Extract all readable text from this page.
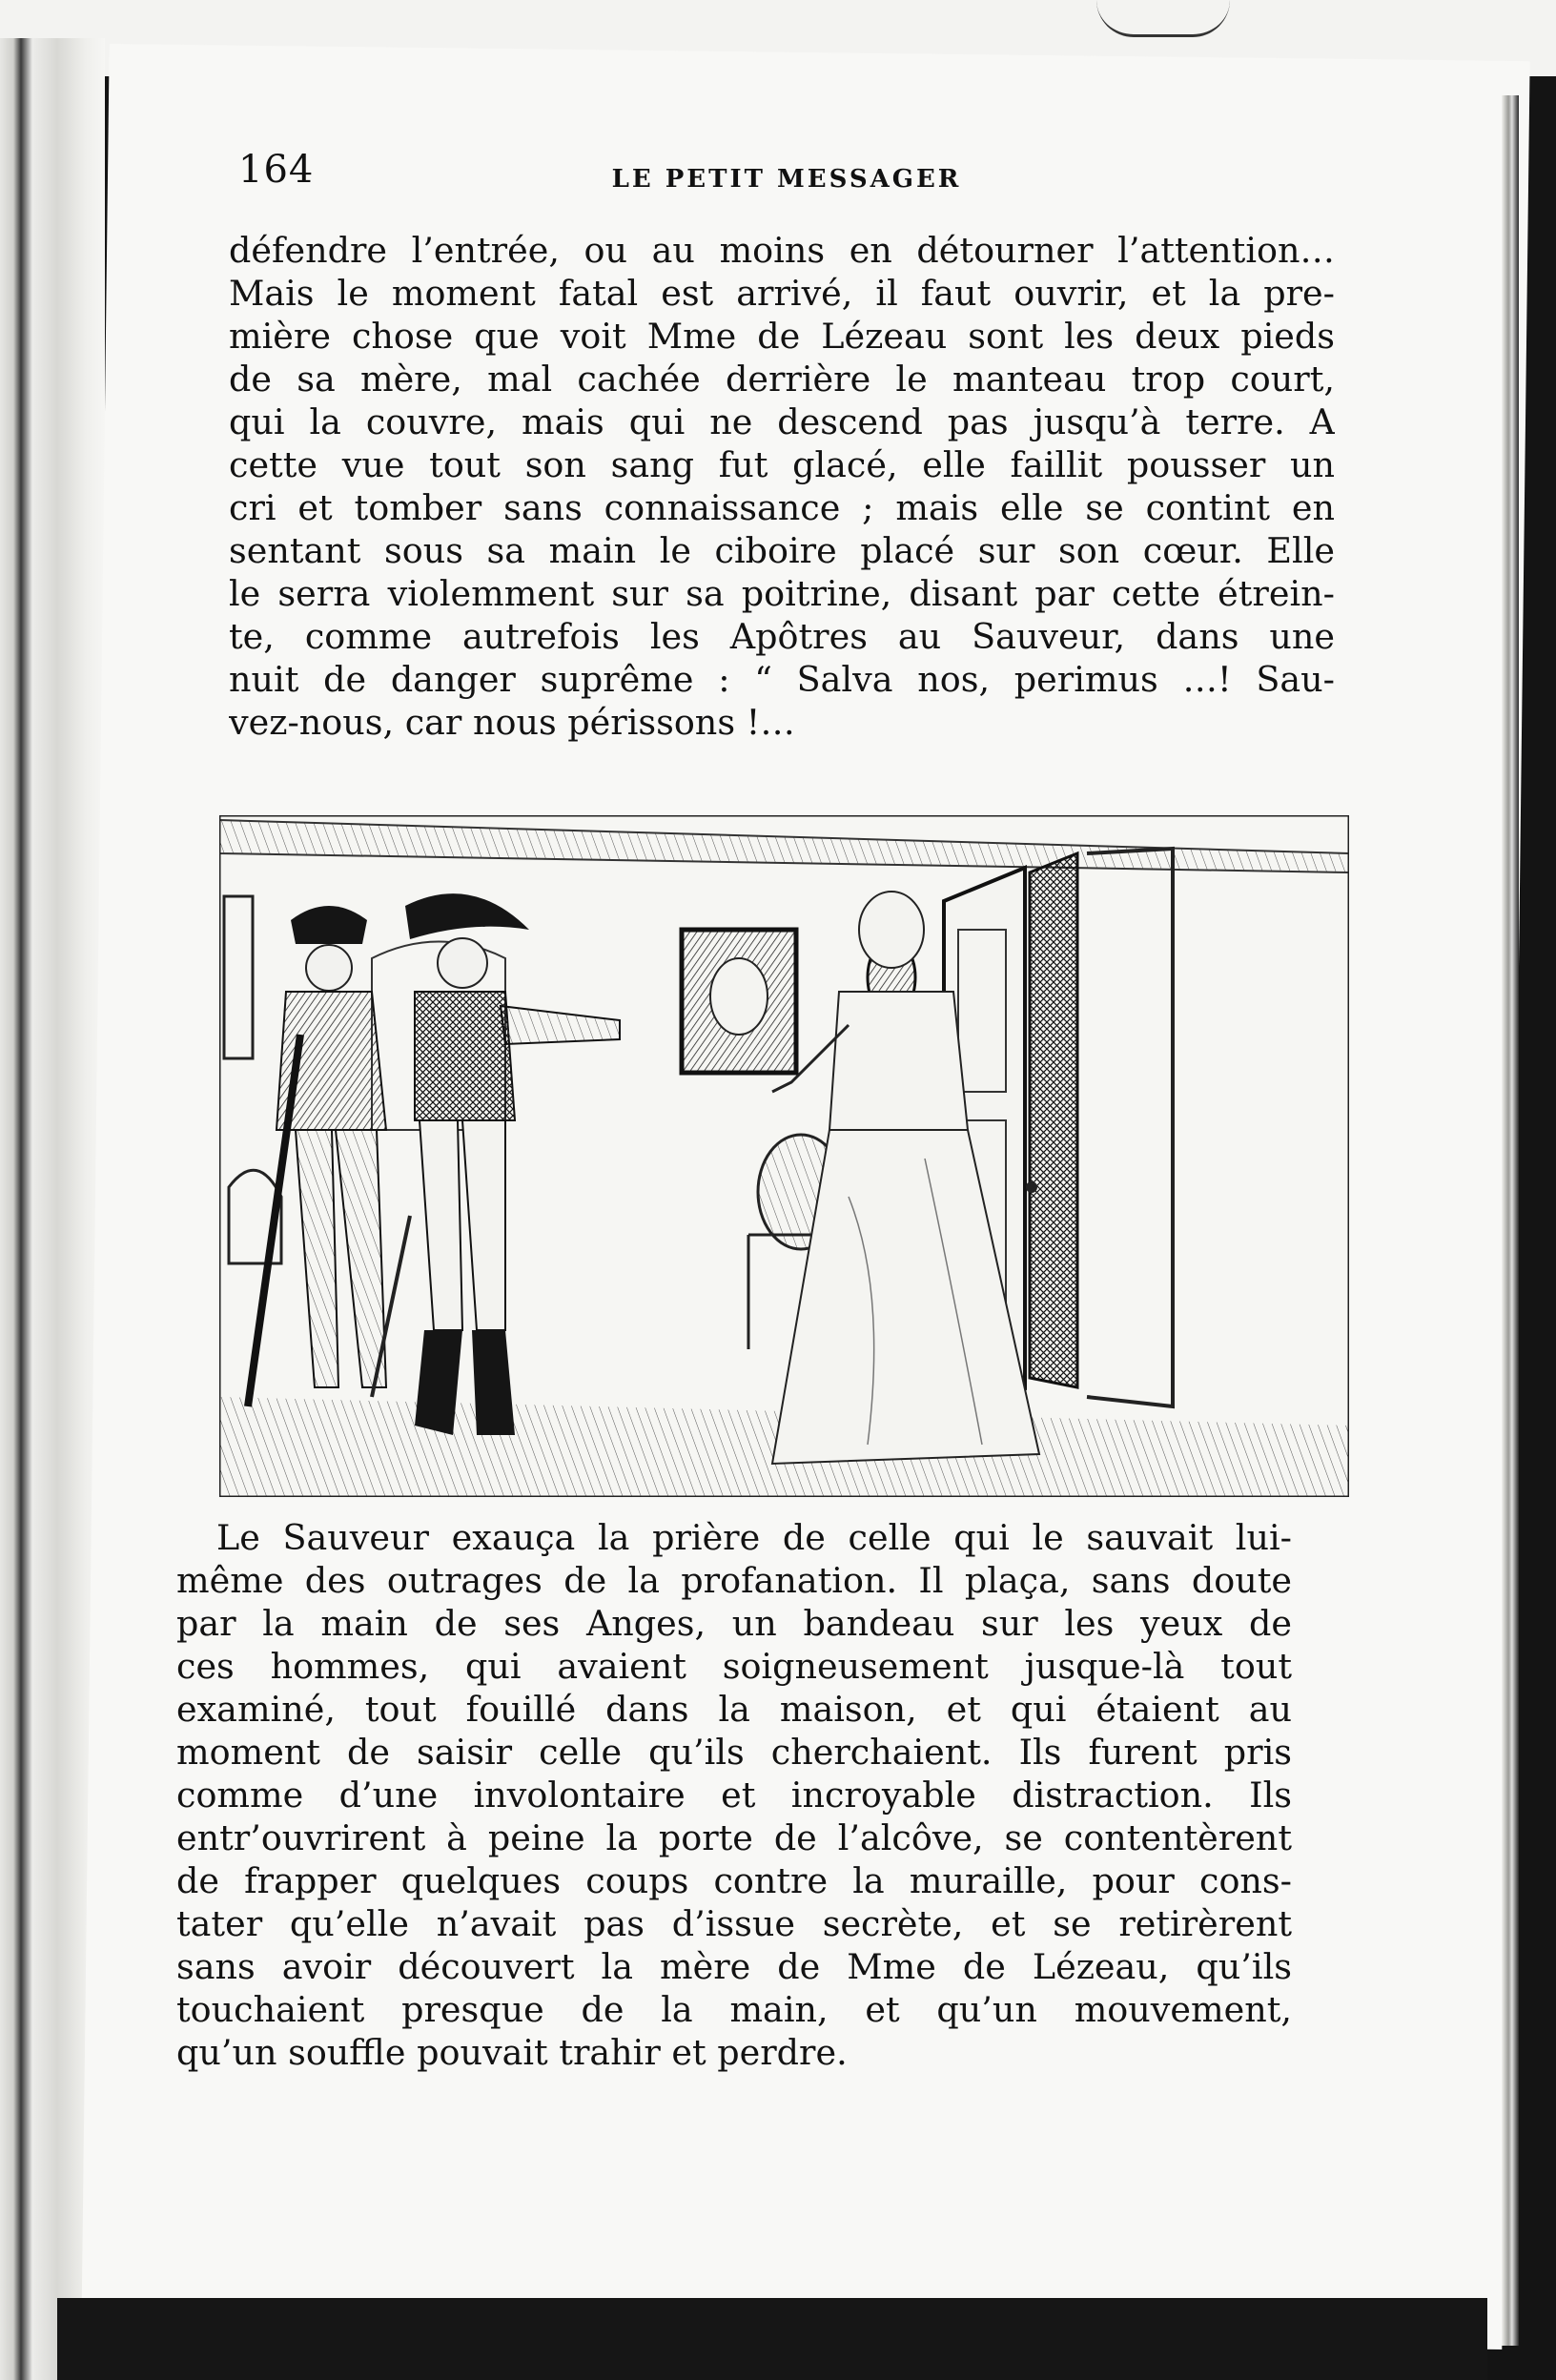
164	LE PETIT MESSAGER
défendre l’entrée, ou au moins en détourner l’attention…
Mais le moment fatal est arrivé, il faut ouvrir, et la pre-
mière chose que voit Mme de Lézeau sont les deux pieds
de sa mère, mal cachée derrière le manteau trop court,
qui la couvre, mais qui ne descend pas jusqu’à terre. A
cette vue tout son sang fut glacé, elle faillit pousser un
cri et tomber sans connaissance ; mais elle se contint en
sentant sous sa main le ciboire placé sur son cœur. Elle
le serra violemment sur sa poitrine, disant par cette étrein-
te, comme autrefois les Apôtres au Sauveur, dans une
nuit de danger suprême : “ Salva nos, perimus …! Sau-
vez-nous, car nous périssons !…
Le Sauveur exauça la prière de celle qui le sauvait lui-
même des outrages de la profanation. Il plaça, sans doute
par la main de ses Anges, un bandeau sur les yeux de
ces hommes, qui avaient soigneusement jusque-là tout
examiné, tout fouillé dans la maison, et qui étaient au
moment de saisir celle qu’ils cherchaient. Ils furent pris
comme d’une involontaire et incroyable distraction. Ils
entr’ouvrirent à peine la porte de l’alcôve, se contentèrent
de frapper quelques coups contre la muraille, pour cons-
tater qu’elle n’avait pas d’issue secrète, et se retirèrent
sans avoir découvert la mère de Mme de Lézeau, qu’ils
touchaient presque de la main, et qu’un mouvement,
qu’un souffle pouvait trahir et perdre.
